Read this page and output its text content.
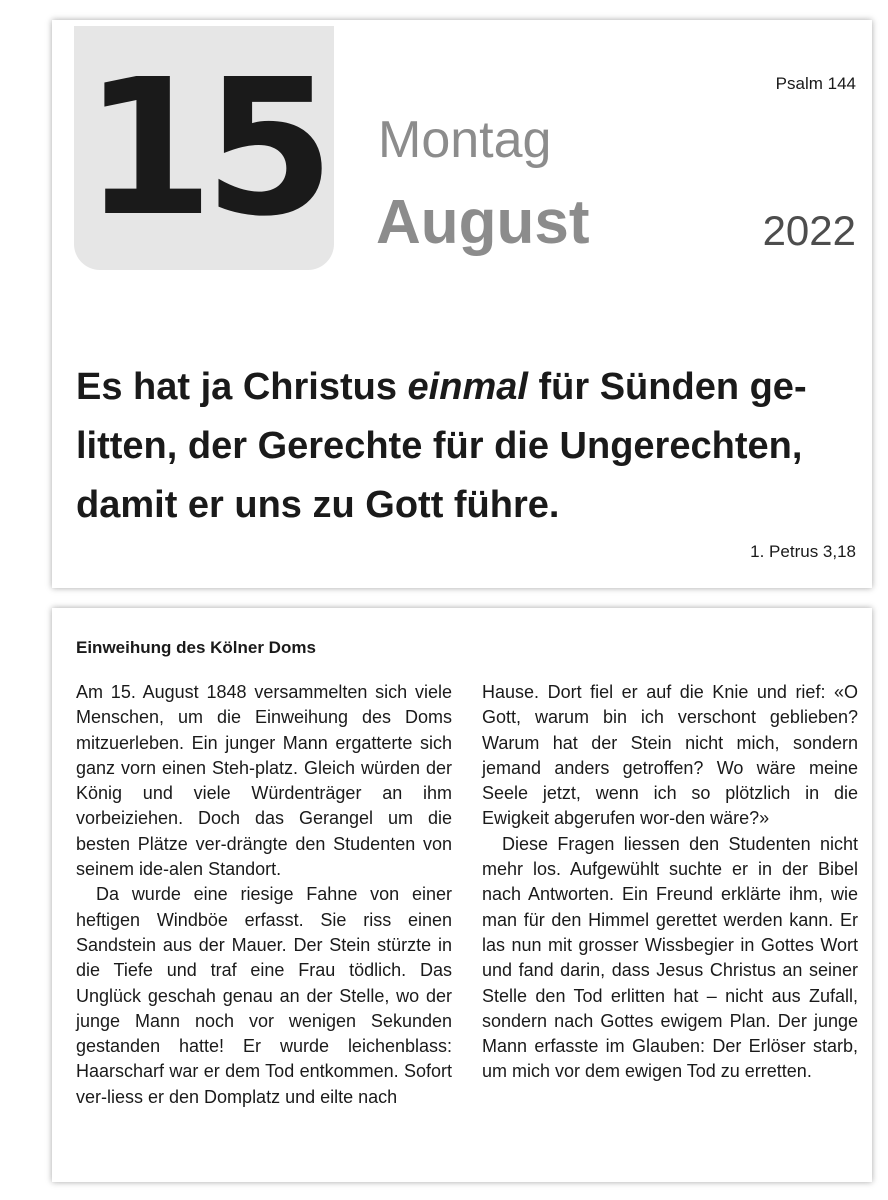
15	Psalm 144
Montag
August	2022

Es hat ja Christus einmal für Sünden ge-litten, der Gerechte für die Ungerechten, damit er uns zu Gott führe.

1. Petrus 3,18
Einweihung des Kölner Doms

Am 15. August 1848 versammelten sich viele Menschen, um die Einweihung des Doms mitzuerleben. Ein junger Mann ergatterte sich ganz vorn einen Steh-platz. Gleich würden der König und viele Würdenträger an ihm vorbeiziehen. Doch das Gerangel um die besten Plätze ver-drängte den Studenten von seinem ide-alen Standort.

Da wurde eine riesige Fahne von einer heftigen Windböe erfasst. Sie riss einen Sandstein aus der Mauer. Der Stein stürzte in die Tiefe und traf eine Frau tödlich. Das Unglück geschah genau an der Stelle, wo der junge Mann noch vor wenigen Sekunden gestanden hatte! Er wurde leichenblass: Haarscharf war er dem Tod entkommen. Sofort ver-liess er den Domplatz und eilte nach

Hause. Dort fiel er auf die Knie und rief: «O Gott, warum bin ich verschont geblieben? Warum hat der Stein nicht mich, sondern jemand anders getroffen? Wo wäre meine Seele jetzt, wenn ich so plötzlich in die Ewigkeit abgerufen wor-den wäre?»

Diese Fragen liessen den Studenten nicht mehr los. Aufgewühlt suchte er in der Bibel nach Antworten. Ein Freund erklärte ihm, wie man für den Himmel gerettet werden kann. Er las nun mit grosser Wissbegier in Gottes Wort und fand darin, dass Jesus Christus an seiner Stelle den Tod erlitten hat – nicht aus Zufall, sondern nach Gottes ewigem Plan. Der junge Mann erfasste im Glauben: Der Erlöser starb, um mich vor dem ewigen Tod zu erretten.
